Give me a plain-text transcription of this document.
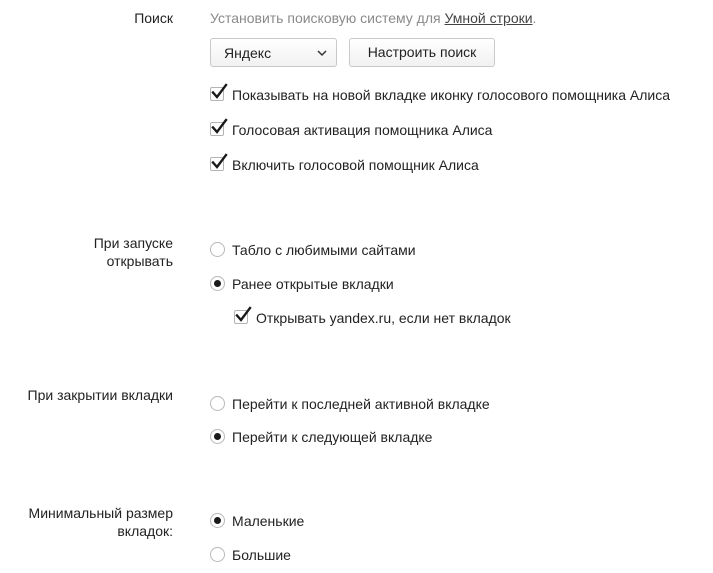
Поиск	Установить поисковую систему для Умной строки.
Яндекс	Настроить поиск
Показывать на новой вкладке иконку голосового помощника Алиса
Голосовая активация помощника Алиса
Включить голосовой помощник Алиса
При запуске
открывать
Табло с любимыми сайтами
Ранее открытые вкладки
Открывать yandex.ru, если нет вкладок
При закрытии вкладки
Перейти к последней активной вкладке
Перейти к следующей вкладке
Минимальный размер
вкладок:
Маленькие
Большие
